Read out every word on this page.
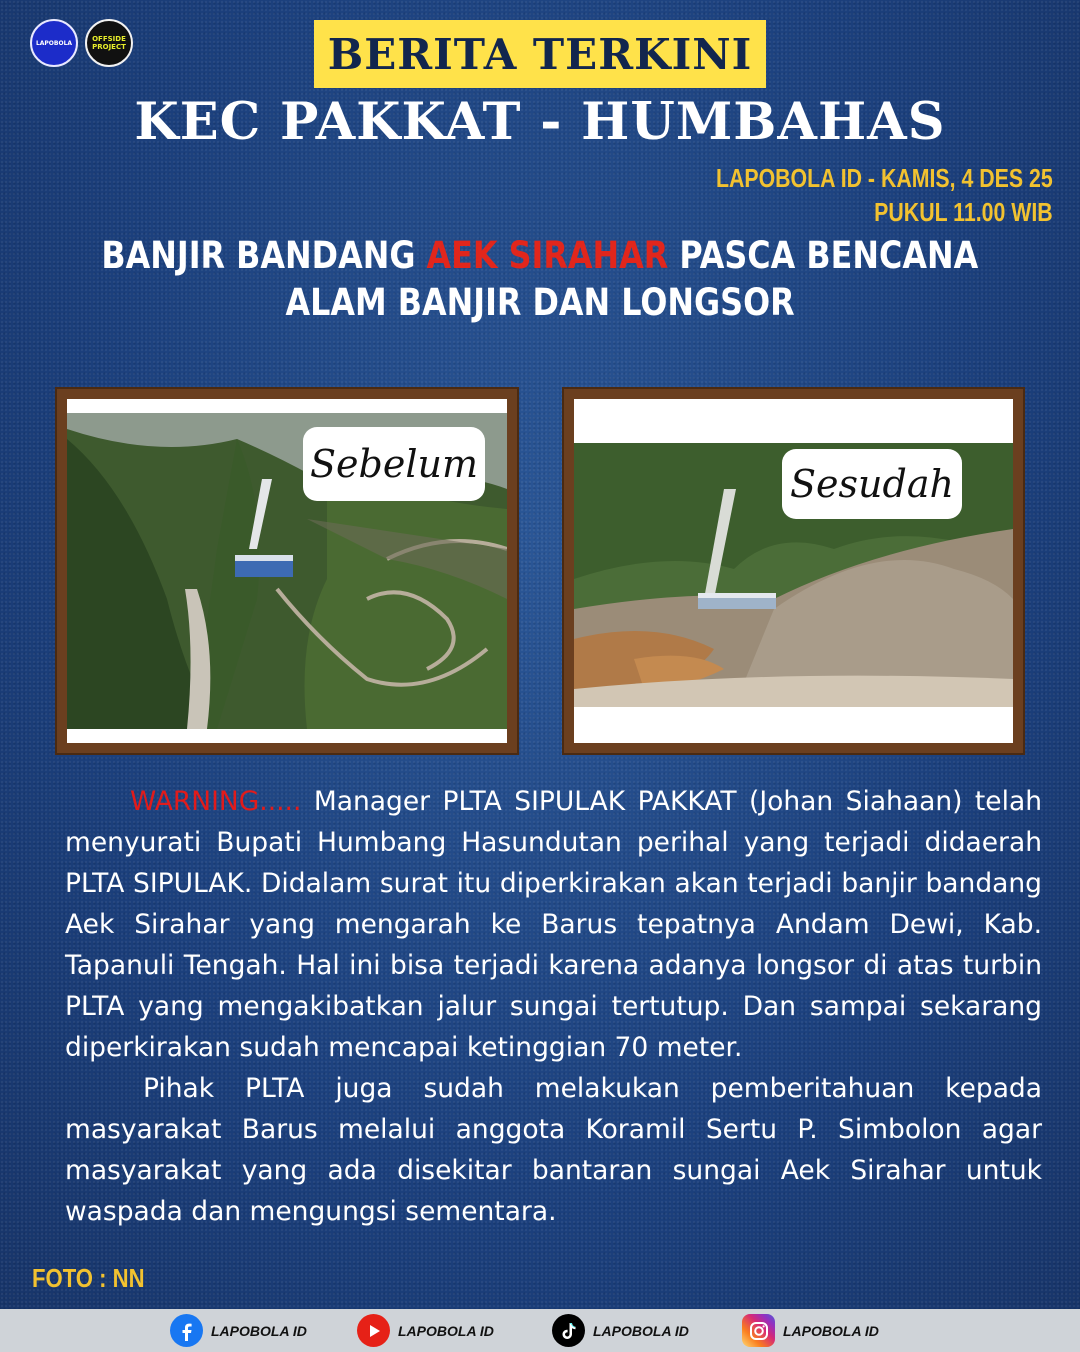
LAPOBOLA	OFFSIDE PROJECT	BERITA TERKINI
KEC PAKKAT - HUMBAHAS
LAPOBOLA ID - KAMIS, 4 DES 25
PUKUL 11.00 WIB
BANJIR BANDANG AEK SIRAHAR PASCA BENCANA
ALAM BANJIR DAN LONGSOR
Sebelum	Sesudah

WARNING..... Manager PLTA SIPULAK PAKKAT (Johan Siahaan) telah menyurati Bupati Humbang Hasundutan perihal yang terjadi didaerah PLTA SIPULAK. Didalam surat itu diperkirakan akan terjadi banjir bandang Aek Sirahar yang mengarah ke Barus tepatnya Andam Dewi, Kab. Tapanuli Tengah. Hal ini bisa terjadi karena adanya longsor di atas turbin PLTA yang mengakibatkan jalur sungai tertutup. Dan sampai sekarang diperkirakan sudah mencapai ketinggian 70 meter.

Pihak PLTA juga sudah melakukan pemberitahuan kepada masyarakat Barus melalui anggota Koramil Sertu P. Simbolon agar masyarakat yang ada disekitar bantaran sungai Aek Sirahar untuk waspada dan mengungsi sementara.

FOTO : NN
LAPOBOLA ID	LAPOBOLA ID	LAPOBOLA ID	LAPOBOLA ID
